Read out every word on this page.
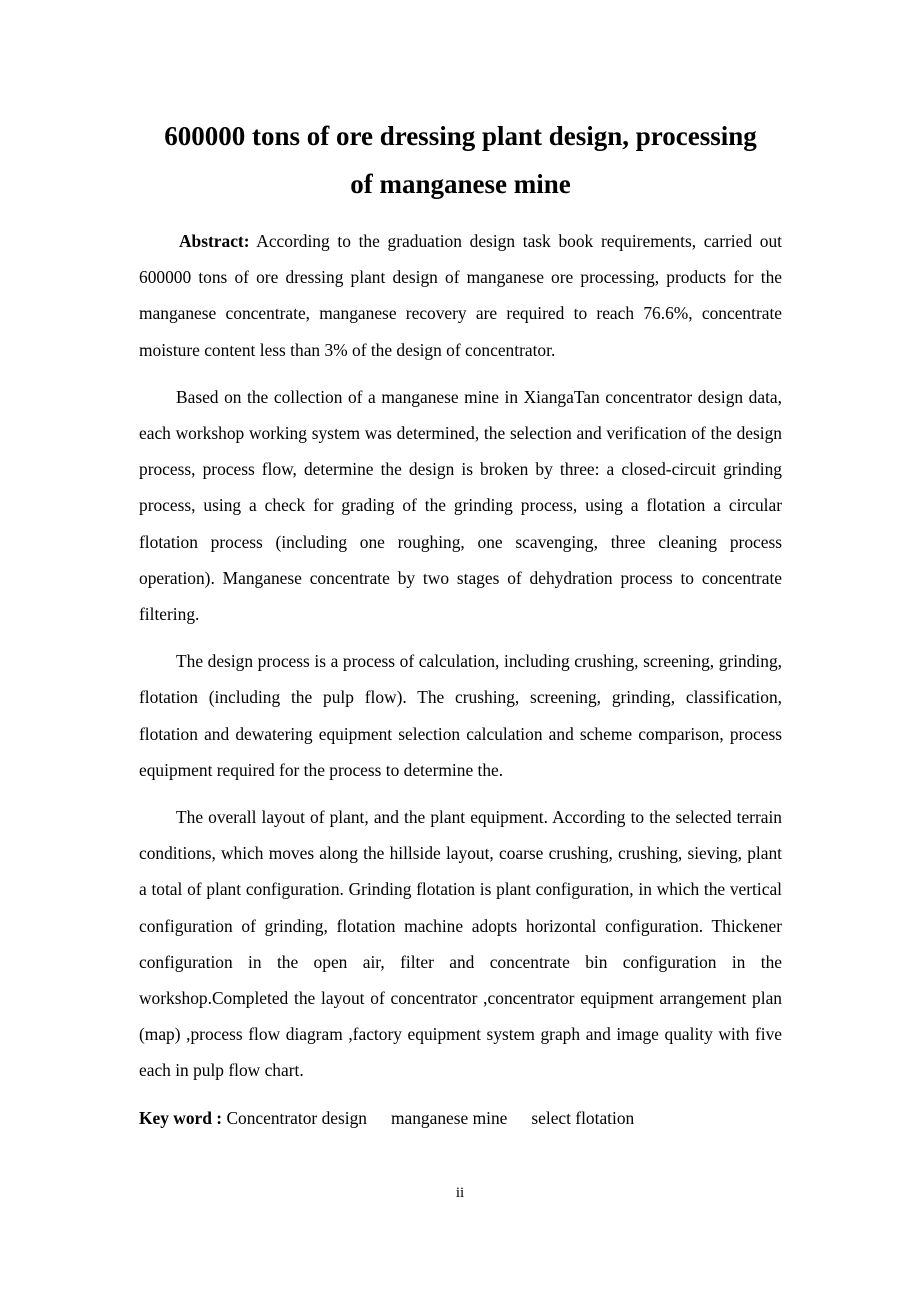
600000 tons of ore dressing plant design, processing
of manganese mine

Abstract: According to the graduation design task book requirements, carried out 600000 tons of ore dressing plant design of manganese ore processing, products for the manganese concentrate, manganese recovery are required to reach 76.6%, concentrate moisture content less than 3% of the design of concentrator.

Based on the collection of a manganese mine in XiangaTan concentrator design data, each workshop working system was determined, the selection and verification of the design process, process flow, determine the design is broken by three: a closed-circuit grinding process, using a check for grading of the grinding process, using a flotation a circular flotation process (including one roughing, one scavenging, three cleaning process operation). Manganese concentrate by two stages of dehydration process to concentrate filtering.

The design process is a process of calculation, including crushing, screening, grinding, flotation (including the pulp flow). The crushing, screening, grinding, classification, flotation and dewatering equipment selection calculation and scheme comparison, process equipment required for the process to determine the.

The overall layout of plant, and the plant equipment. According to the selected terrain conditions, which moves along the hillside layout, coarse crushing, crushing, sieving, plant a total of plant configuration. Grinding flotation is plant configuration, in which the vertical configuration of grinding, flotation machine adopts horizontal configuration. Thickener configuration in the open air, filter and concentrate bin configuration in the workshop.Completed the layout of concentrator ,concentrator equipment arrangement plan (map) ,process flow diagram ,factory equipment system graph and image quality with five each in pulp flow chart.

Key word : Concentrator design manganese mine select flotation

ii
